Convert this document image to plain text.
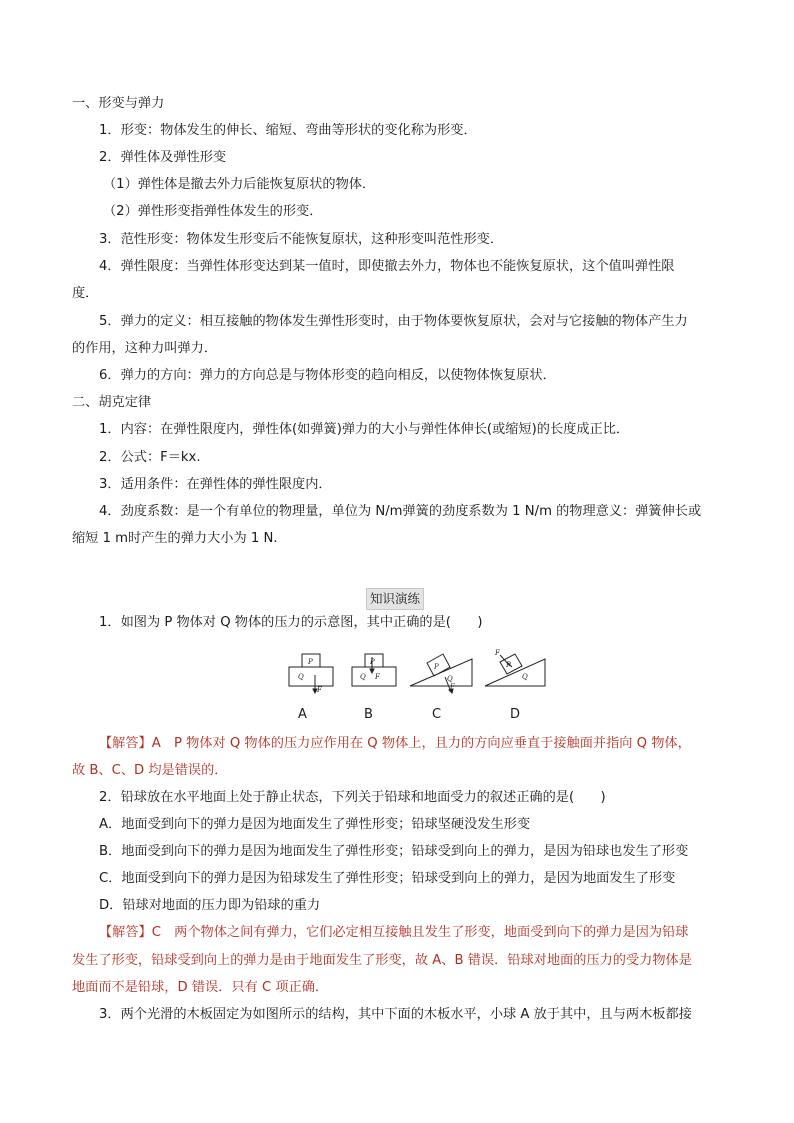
一、形变与弹力
1．形变：物体发生的伸长、缩短、弯曲等形状的变化称为形变．
2．弹性体及弹性形变
（1）弹性体是撤去外力后能恢复原状的物体．
（2）弹性形变指弹性体发生的形变．
3．范性形变：物体发生形变后不能恢复原状，这种形变叫范性形变．
4．弹性限度：当弹性体形变达到某一值时，即使撤去外力，物体也不能恢复原状，这个值叫弹性限
度．
5．弹力的定义：相互接触的物体发生弹性形变时，由于物体要恢复原状，会对与它接触的物体产生力
的作用，这种力叫弹力．
6．弹力的方向：弹力的方向总是与物体形变的趋向相反，以使物体恢复原状．
二、胡克定律
1．内容：在弹性限度内，弹性体(如弹簧)弹力的大小与弹性体伸长(或缩短)的长度成正比．
2．公式：F＝kx.
3．适用条件：在弹性体的弹性限度内．
4．劲度系数：是一个有单位的物理量，单位为 N/m弹簧的劲度系数为 1 N/m 的物理意义：弹簧伸长或
缩短 1 m时产生的弹力大小为 1 N.
知识演练
1．如图为 P 物体对 Q 物体的压力的示意图，其中正确的是(　　)
P
Q
F
P
Q F
P
Q
F
P
Q
F
A	B	C	D
【解答】A　P 物体对 Q 物体的压力应作用在 Q 物体上，且力的方向应垂直于接触面并指向 Q 物体，
故 B、C、D 均是错误的．
2．铅球放在水平地面上处于静止状态，下列关于铅球和地面受力的叙述正确的是(　　)
A．地面受到向下的弹力是因为地面发生了弹性形变；铅球坚硬没发生形变
B．地面受到向下的弹力是因为地面发生了弹性形变；铅球受到向上的弹力，是因为铅球也发生了形变
C．地面受到向下的弹力是因为铅球发生了弹性形变；铅球受到向上的弹力，是因为地面发生了形变
D．铅球对地面的压力即为铅球的重力
【解答】C　两个物体之间有弹力，它们必定相互接触且发生了形变，地面受到向下的弹力是因为铅球
发生了形变，铅球受到向上的弹力是由于地面发生了形变，故 A、B 错误．铅球对地面的压力的受力物体是
地面而不是铅球，D 错误．只有 C 项正确．
3．两个光滑的木板固定为如图所示的结构，其中下面的木板水平，小球 A 放于其中，且与两木板都接
